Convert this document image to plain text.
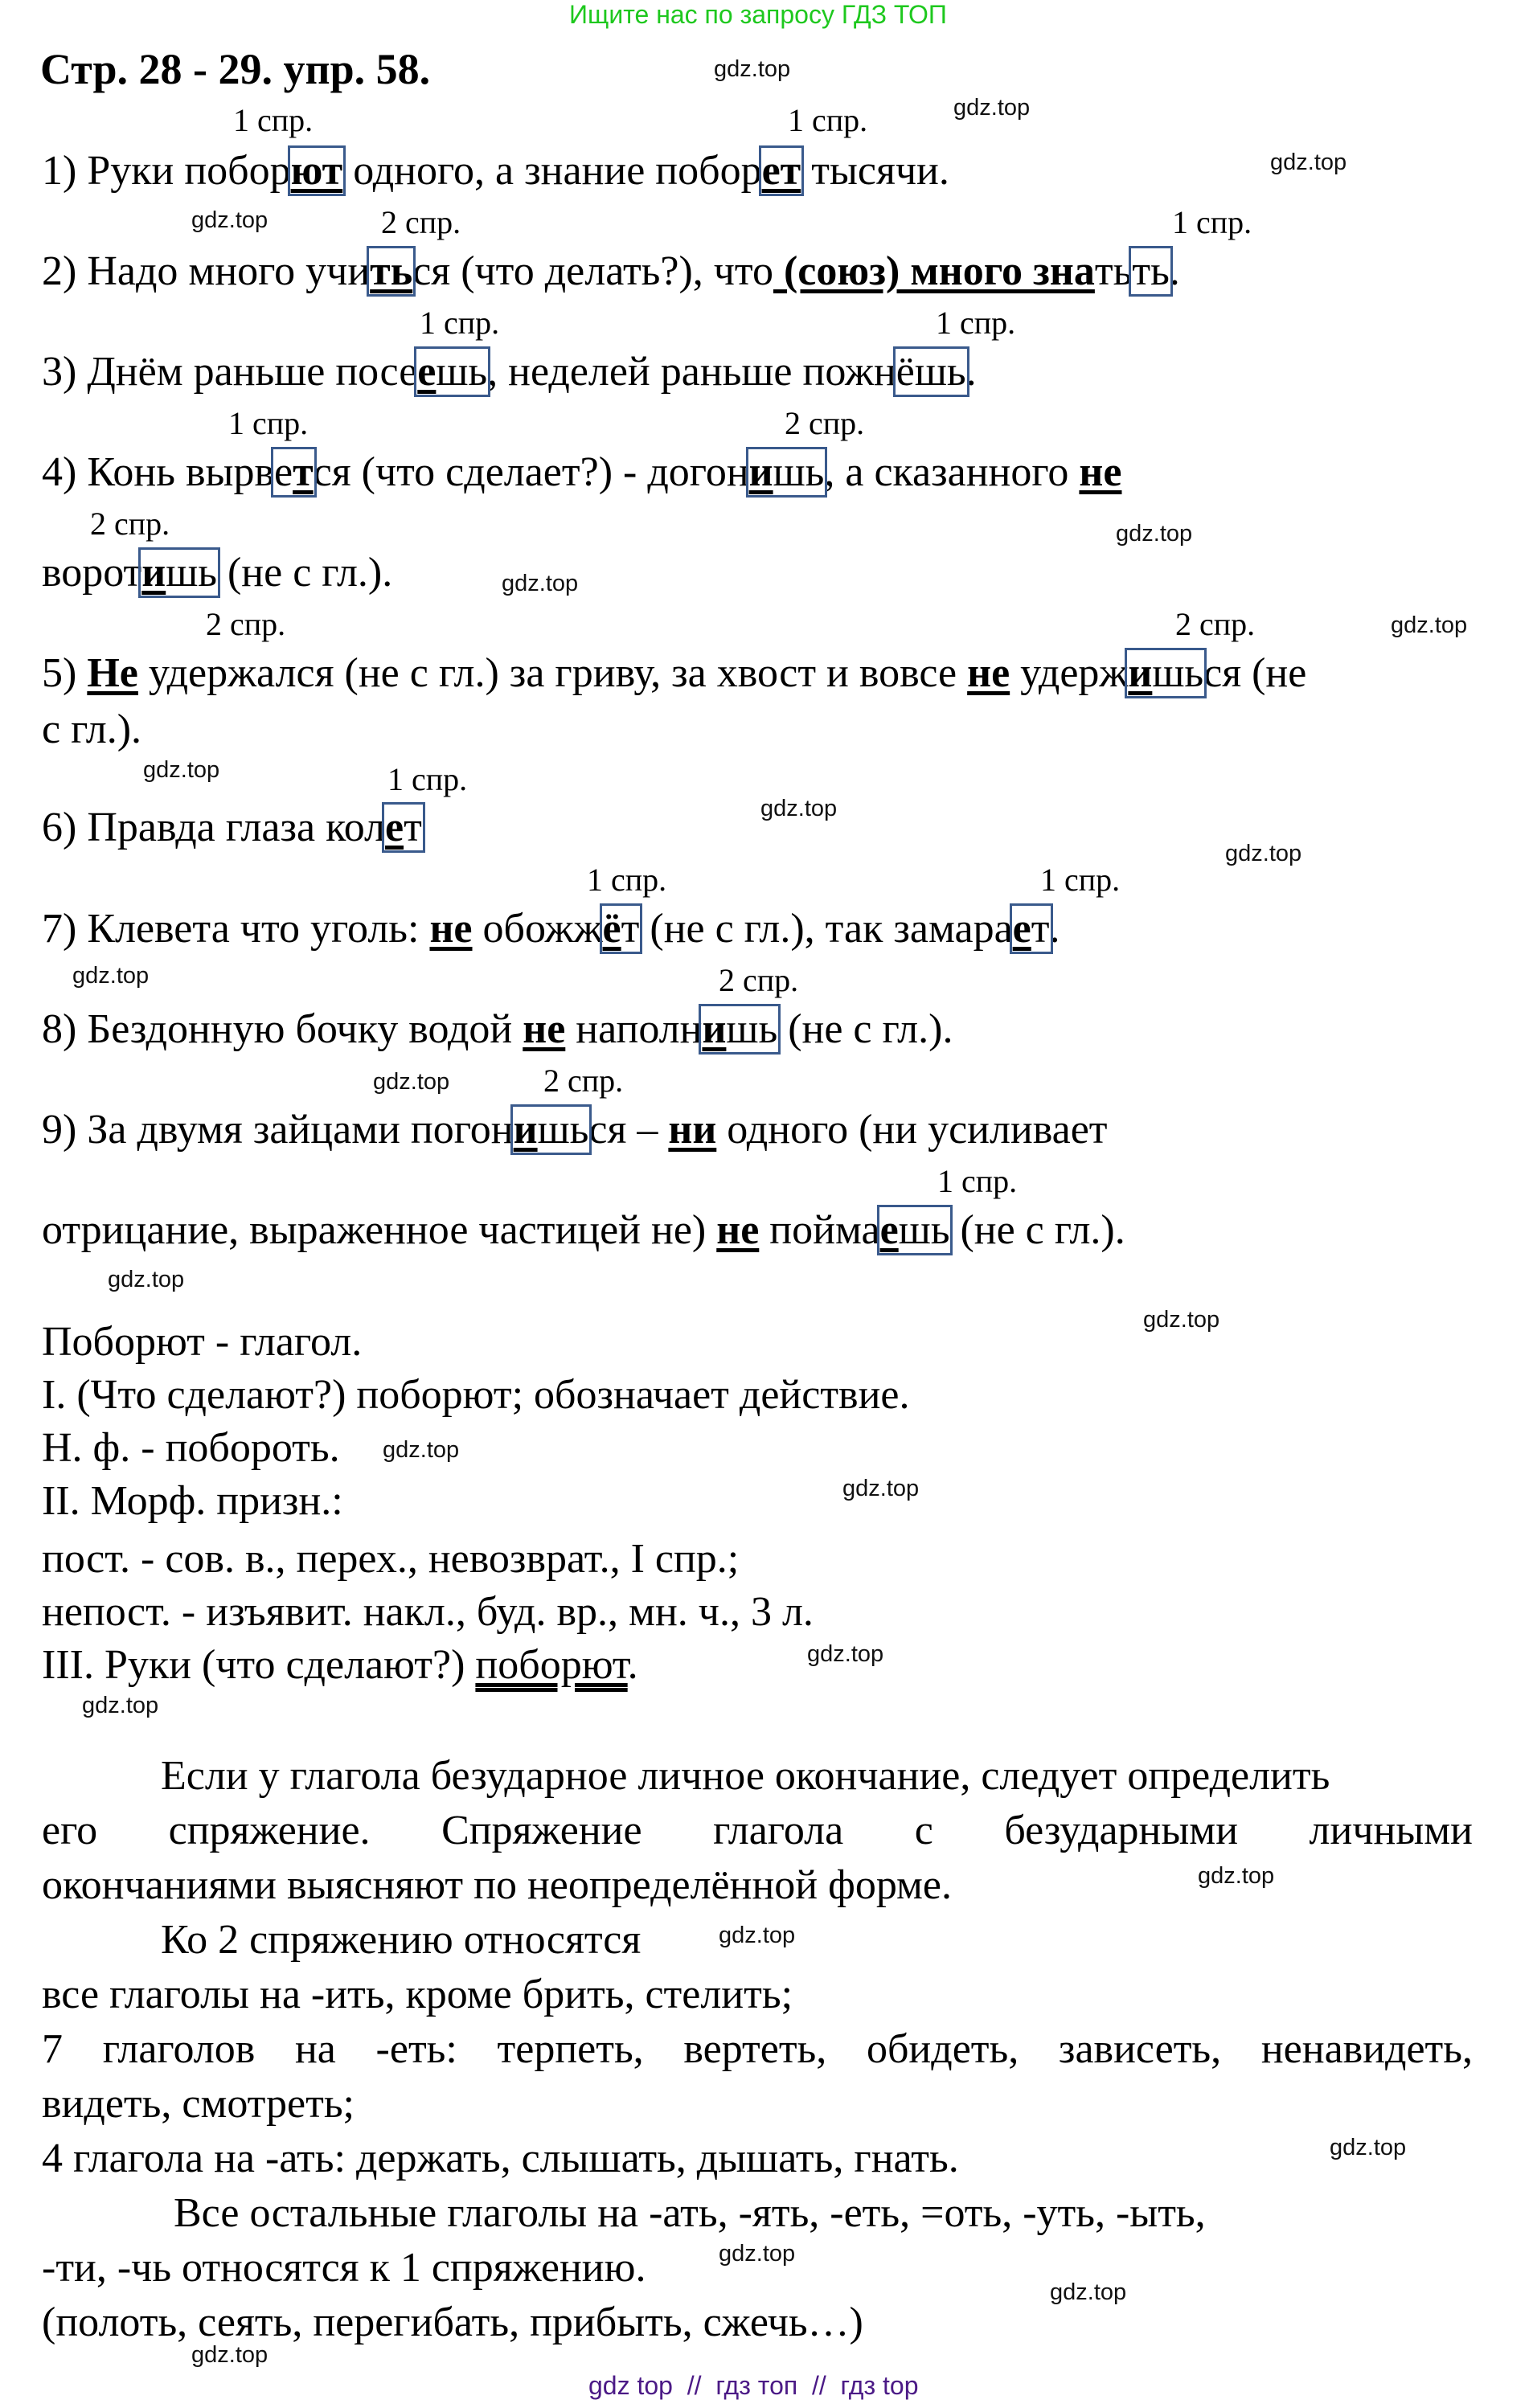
Ищите нас по запросу ГДЗ ТОП
Стр. 28 - 29. упр. 58.
1 спр.	1 спр.
1) Руки поборют одного, а знание поборет тысячи.
2 спр.	1 спр.
2) Надо много учиться (что делать?), что (союз) много знатьть.
1 спр.	1 спр.
3) Днём раньше посеешь, неделей раньше пожнёшь.
1 спр.	2 спр.
4) Конь вырвется (что сделает?) - догонишь, а сказанного не
2 спр.
воротишь (не с гл.).
2 спр.	2 спр.
5) Не удержался (не с гл.) за гриву, за хвост и вовсе не удержишься (не
с гл.).
1 спр.
6) Правда глаза колет
1 спр.	1 спр.
7) Клевета что уголь: не обожжёт (не с гл.), так замарает.
2 спр.
8) Бездонную бочку водой не наполнишь (не с гл.).
2 спр.
9) За двумя зайцами погонишься – ни одного (ни усиливает
1 спр.
отрицание, выраженное частицей не) не поймаешь (не с гл.).
Поборют - глагол.
I. (Что сделают?) поборют; обозначает действие.
Н. ф. - побороть.
II. Морф. призн.:
пост. - сов. в., перех., невозврат., I спр.;
непост. - изъявит. накл., буд. вр., мн. ч., 3 л.
III. Руки (что сделают?) поборют.
Если у глагола безударное личное окончание, следует определить
его спряжение. Спряжение глагола с безударными личными
окончаниями выясняют по неопределённой форме.
Ко 2 спряжению относятся
все глаголы на -ить, кроме брить, стелить;
7 глаголов на -еть: терпеть, вертеть, обидеть, зависеть, ненавидеть,
видеть, смотреть;
4 глагола на -ать: держать, слышать, дышать, гнать.
Все остальные глаголы на -ать, -ять, -еть, =оть, -уть, -ыть,
-ти, -чь относятся к 1 спряжению.
(полоть, сеять, перегибать, прибыть, сжечь…)
gdz.top
gdz.top
gdz.top
gdz.top
gdz.top
gdz.top
gdz.top
gdz.top
gdz.top
gdz.top
gdz.top
gdz.top
gdz.top
gdz.top
gdz.top
gdz.top
gdz.top
gdz.top
gdz.top
gdz.top
gdz.top
gdz.top
gdz.top
gdz.top
gdz top  //  гдз топ  //  гдз top
